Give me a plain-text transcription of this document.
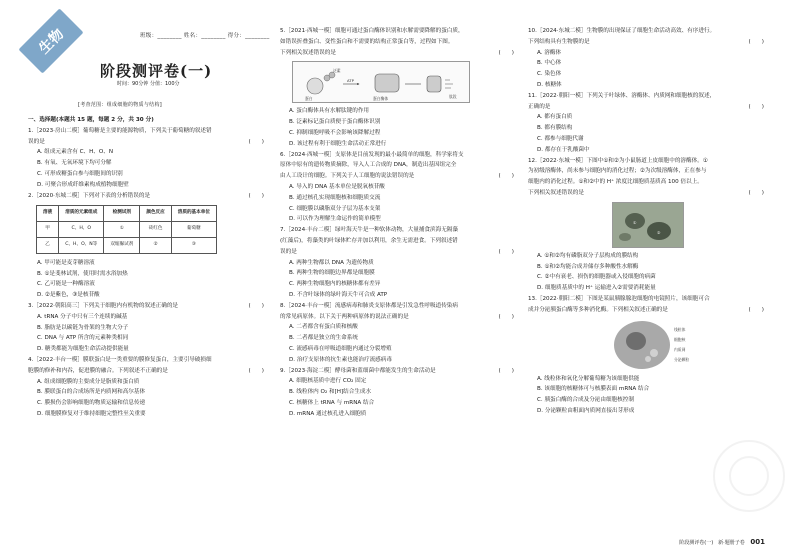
生物	班级：________ 姓名：________ 得分：________
阶段测评卷(一)
时间：90分钟 分值：100分
[考查范围：组成细胞的物质与结构]

一、选择题(本题共 15 题，每题 2 分，共 30 分)

1.［2023·房山二模］葡萄糖是主要的能源物质，下列关于葡萄糖的叙述错

误的是	(　　)

A. 组成元素含有 C、H、O、N

B. 有氧、无氧环境下均可分解

C. 可形成糖蛋白参与细胞间的识别

D. 可聚合形成纤维素构成植物细胞壁

2.［2020·东城二模］下列对下表的分析错误的是	(　　)

溶液	溶质的元素组成	检测试剂	颜色反应	溶质的基本单位
甲	C、H、O	①	砖红色	葡萄糖
乙	C、H、O、N等	双缩脲试剂	②	③

A. 甲可能是麦芽糖溶液

B. ①是斐林试剂，使用时需水浴加热

C. 乙可能是一种酶溶液

D. ②是紫色，③是核苷酸

3.［2022·朝阳高三］下列关于细胞内有机物的叙述正确的是	(　　)

A. tRNA 分子中只有三个连续的碱基

B. 脂肪是以碳链为骨架的生物大分子

C. DNA 与 ATP 所含的元素种类相同

D. 糖类都能为细胞生命活动提供能量

4.［2022·丰台一模］膜联蛋白是一类重要的膜修复蛋白，主要引导破损细

胞膜的修补和内吞，促进膜的融合。下列叙述不正确的是	(　　)

A. 组成细胞膜的主要成分是脂质和蛋白质

B. 膜联蛋白的合成场所是内质网和高尔基体

C. 膜损伤会影响细胞的物质运输和信息传递

D. 细胞膜修复对于维持细胞完整性至关重要

5.［2021·西城一模］细胞可通过蛋白酶体识别和水解需要降解的蛋白质，

如错误折叠蛋白、变性蛋白和不需要的结构正常蛋白等，过程如下图。

下列相关叙述错误的是	(　　)

蛋白
泛素
ATP
蛋白酶体	肽段

A. 蛋白酶体具有水解肽键的作用

B. 泛素标记蛋白质便于蛋白酶体识别

C. 抑制细胞呼吸不会影响该降解过程

D. 该过程有利于细胞生命活动正常进行

6.［2024·西城一模］支原体是目前发现的最小最简单的细胞，科学家将支

原体中原有的遗传物质摘除，导入人工合成的 DNA，制造出基因组完全

由人工设计的细胞。下列关于人工细胞的说法错误的是	(　　)

A. 导入的 DNA 基本单位是脱氧核苷酸

B. 通过核孔实现细胞核和细胞质交流

C. 细胞膜以磷脂双分子层为基本支架

D. 可以作为理解生命运作的简单模型

7.［2024·丰台二模］绿叶海天牛是一种软体动物，大量捕食滨海无隔藻

(红藻后)，将藻类的叶绿体贮存并加以利用，余生无需进食。下列叙述错

误的是	(　　)

A. 两种生物都以 DNA 为遗传物质

B. 两种生物的细胞边界都是细胞膜

C. 两种生物细胞内的核糖体都有差异

D. 不含叶绿体的绿叶海天牛可合成 ATP

8.［2024·丰台一模］流感病毒和肺炎支原体都是引发急性呼吸道传染病

的常见病原体。以下关于两种病原体的说法正确的是	(　　)

A. 二者都含有蛋白质和核酸

B. 二者都是独立的生命系统

C. 流感病毒在呼吸道细胞内通过分裂增殖

D. 治疗支原体的抗生素也能治疗流感病毒

9.［2023·海淀二模］酵母菌和蓝细菌中都能发生的生命活动是	(　　)

A. 细胞核基质中进行 CO₂ 固定

B. 线粒体内 O₂ 和[H]结合生成水

C. 核糖体上 tRNA 与 mRNA 结合

D. mRNA 通过核孔进入细胞质

10.［2024·东城二模］生物膜的出现保证了细胞生命活动高效、有序进行。

下列结构具有生物膜的是	(　　)

A. 溶酶体

B. 中心体

C. 染色体

D. 核糖体

11.［2022·朝阳一模］下列关于叶绿体、溶酶体、内质网和细胞核的叙述，

正确的是	(　　)

A. 都有蛋白质

B. 都有膜结构

C. 都参与细胞代谢

D. 都存在于乳酸菌中

12.［2022·东城一模］下图中①和②为小鼠肠道上皮细胞中的溶酶体。①

为初级溶酶体，尚未参与细胞内的消化过程；②为次级溶酶体，正在参与

细胞内的消化过程。①和②中的 H⁺ 浓度比细胞质基质高 100 倍以上。

下列相关叙述错误的是	(　　)

①
②

A. ①和②均有磷脂双分子层构成的膜结构

B. ①和②均能合成并储存多种酸性水解酶

C. ②中有衰老、损伤的细胞器或入侵细胞的病菌

D. 细胞质基质中的 H⁺ 运输进入②需要消耗能量

13.［2022·朝阳二模］下图是某鼠胰腺腺泡细胞的电镜照片，该细胞可合

成并分泌胰蛋白酶等多种消化酶。下列相关叙述正确的是	(　　)

线粒体
细胞核
内质网
分泌颗粒

A. 线粒体和氧化分解葡萄糖为该细胞供能

B. 该细胞的核糖体可与核膜表面 mRNA 结合

C. 胰蛋白酶的合成及分泌由细胞核控制

D. 分泌颗粒由粗面内质网直接出芽形成

阶段测评卷(一)　新·题册子卷 001
